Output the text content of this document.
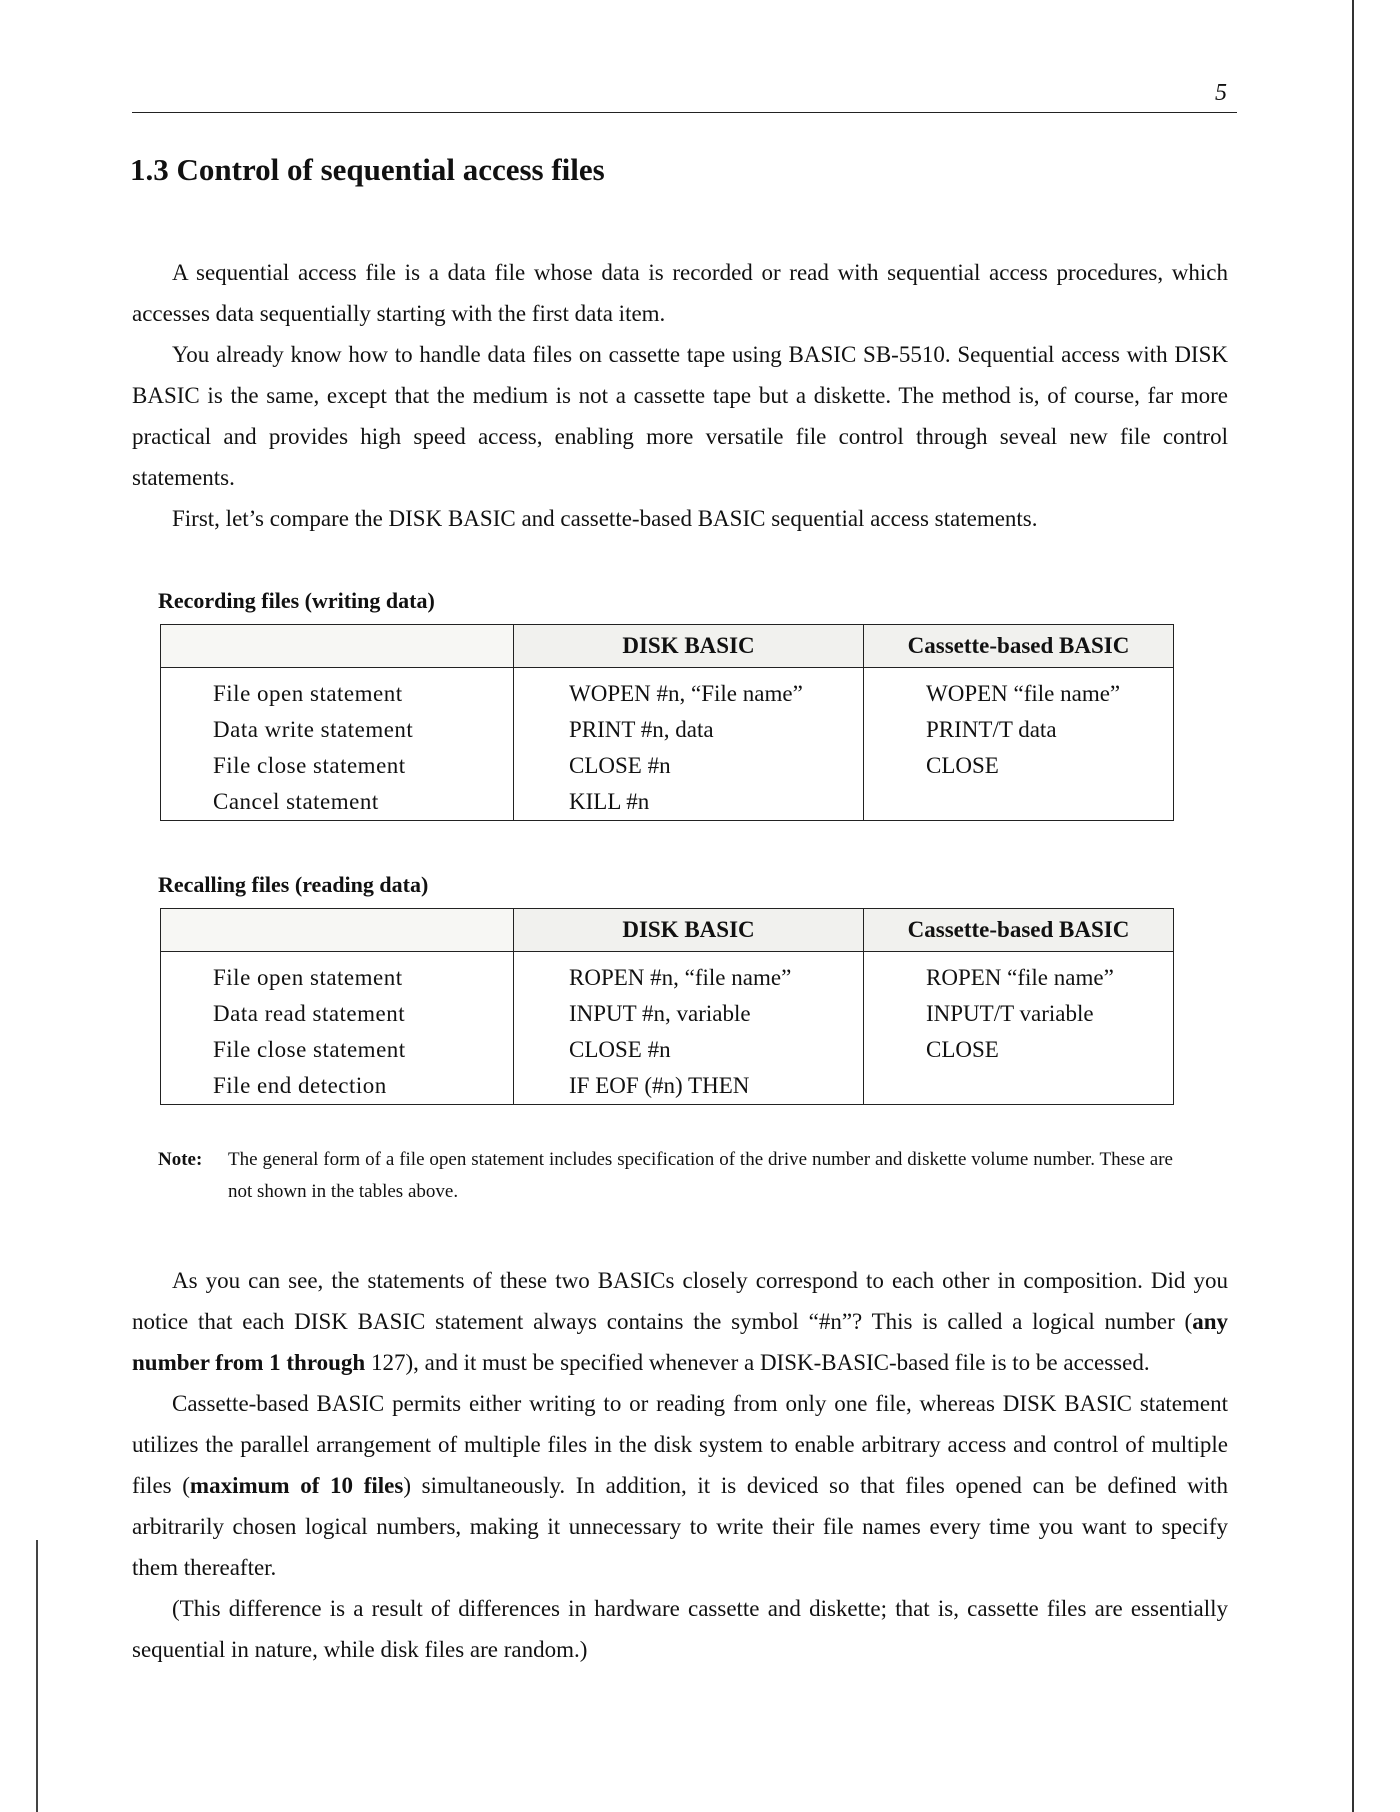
5

1.3 Control of sequential access files

A sequential access file is a data file whose data is recorded or read with sequential access procedures, which accesses data sequentially starting with the first data item.

You already know how to handle data files on cassette tape using BASIC SB-5510. Sequential access with DISK BASIC is the same, except that the medium is not a cassette tape but a diskette. The method is, of course, far more practical and provides high speed access, enabling more versatile file control through seveal new file control statements.

First, let’s compare the DISK BASIC and cassette-based BASIC sequential access statements.

Recording files (writing data)

	DISK BASIC	Cassette-based BASIC
File open statement	WOPEN #n, “File name”	WOPEN “file name”
Data write statement	PRINT #n, data	PRINT/T data
File close statement	CLOSE #n	CLOSE
Cancel statement	KILL #n	

Recalling files (reading data)

	DISK BASIC	Cassette-based BASIC
File open statement	ROPEN #n, “file name”	ROPEN “file name”
Data read statement	INPUT #n, variable	INPUT/T variable
File close statement	CLOSE #n	CLOSE
File end detection	IF EOF (#n) THEN	
Note: The general form of a file open statement includes specification of the drive number and diskette volume number. These are not shown in the tables above.

As you can see, the statements of these two BASICs closely correspond to each other in composition. Did you notice that each DISK BASIC statement always contains the symbol “#n”? This is called a logical number (any number from 1 through 127), and it must be specified whenever a DISK-BASIC-based file is to be accessed.

Cassette-based BASIC permits either writing to or reading from only one file, whereas DISK BASIC statement utilizes the parallel arrangement of multiple files in the disk system to enable arbitrary access and control of multiple files (maximum of 10 files) simultaneously. In addition, it is deviced so that files opened can be defined with arbitrarily chosen logical numbers, making it unnecessary to write their file names every time you want to specify them thereafter.

(This difference is a result of differences in hardware cassette and diskette; that is, cassette files are essentially sequential in nature, while disk files are random.)
